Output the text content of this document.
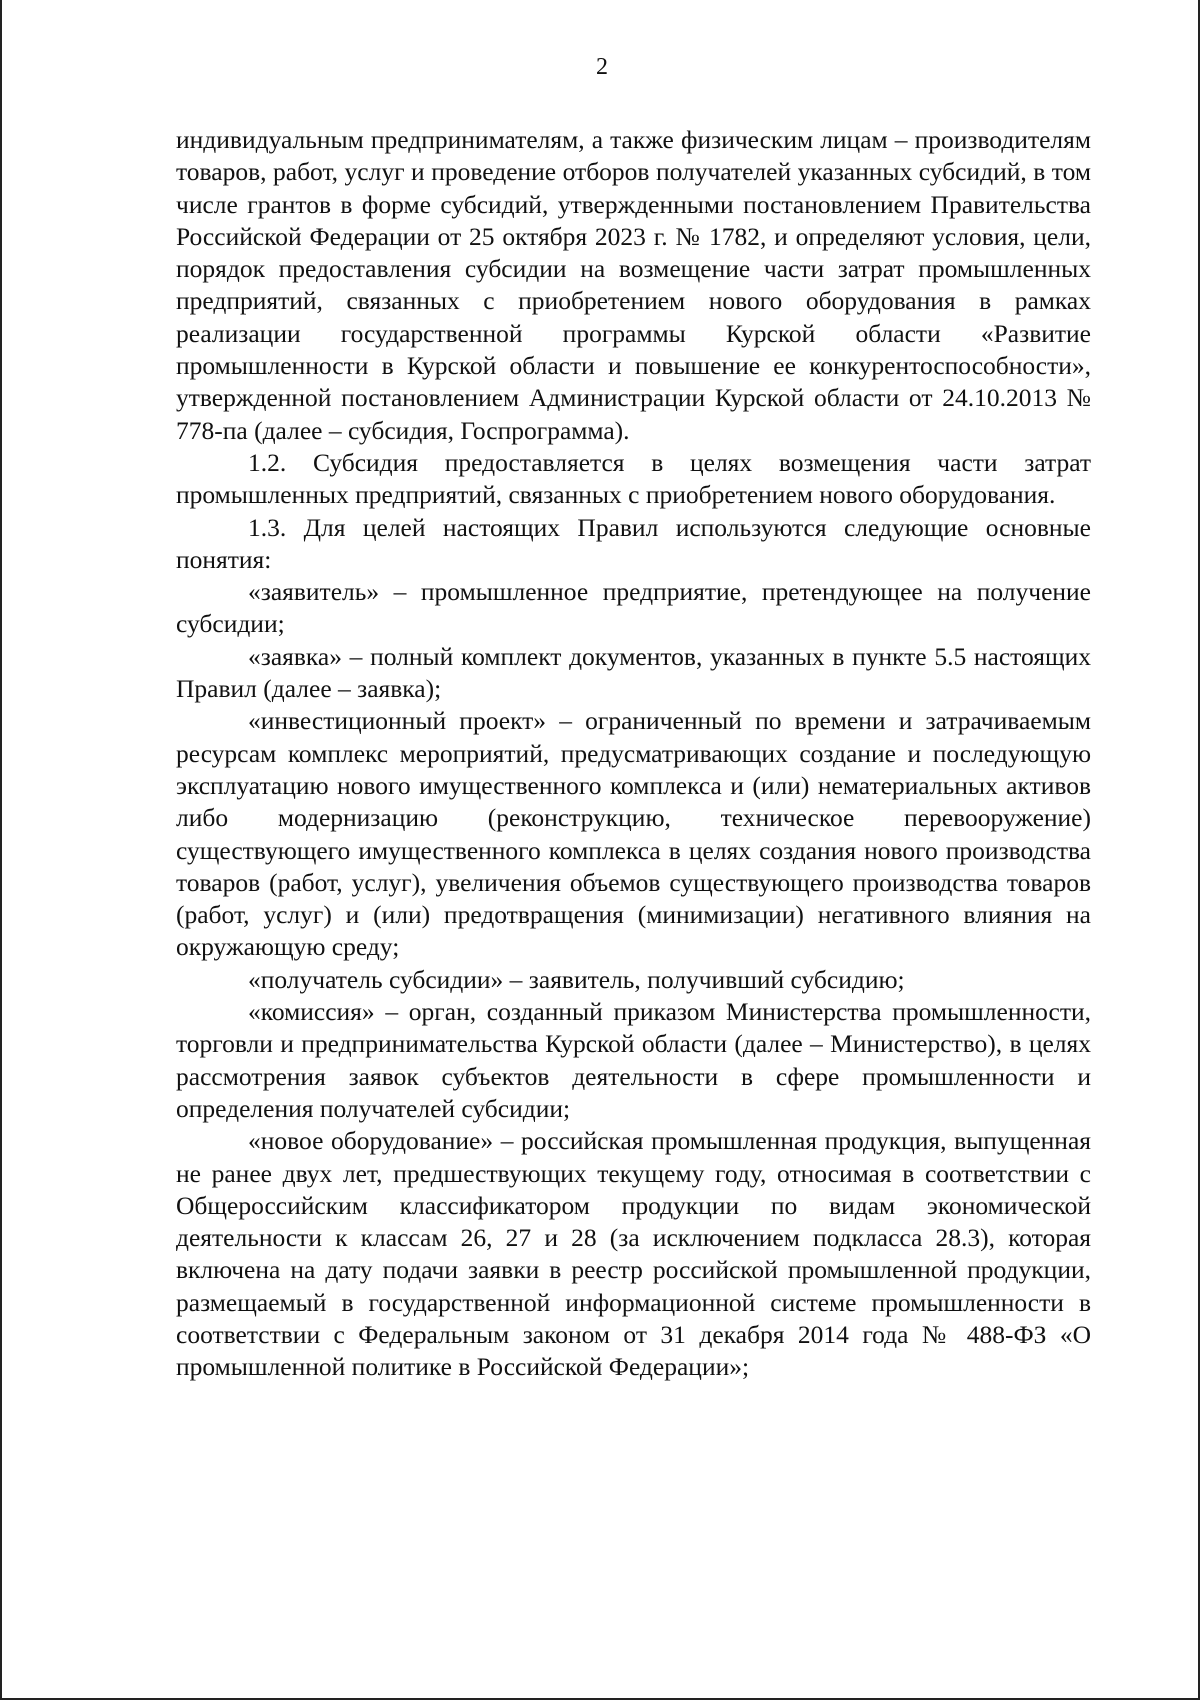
2

индивидуальным предпринимателям, а также физическим лицам – производителям товаров, работ, услуг и проведение отборов получателей указанных субсидий, в том числе грантов в форме субсидий, утвержденными постановлением Правительства Российской Федерации от 25 октября 2023 г. № 1782, и определяют условия, цели, порядок предоставления субсидии на возмещение части затрат промышленных предприятий, связанных с приобретением нового оборудования в рамках реализации государственной программы Курской области «Развитие промышленности в Курской области и повышение ее конкурентоспособности», утвержденной постановлением Администрации Курской области от 24.10.2013 № 778-па (далее – субсидия, Госпрограмма).

1.2. Субсидия предоставляется в целях возмещения части затрат промышленных предприятий, связанных с приобретением нового оборудования.

1.3. Для целей настоящих Правил используются следующие основные понятия:

«заявитель» – промышленное предприятие, претендующее на получение субсидии;

«заявка» – полный комплект документов, указанных в пункте 5.5 настоящих Правил (далее – заявка);

«инвестиционный проект» – ограниченный по времени и затрачиваемым ресурсам комплекс мероприятий, предусматривающих создание и последующую эксплуатацию нового имущественного комплекса и (или) нематериальных активов либо модернизацию (реконструкцию, техническое перевооружение) существующего имущественного комплекса в целях создания нового производства товаров (работ, услуг), увеличения объемов существующего производства товаров (работ, услуг) и (или) предотвращения (минимизации) негативного влияния на окружающую среду;

«получатель субсидии» – заявитель, получивший субсидию;

«комиссия» – орган, созданный приказом Министерства промышленности, торговли и предпринимательства Курской области (далее – Министерство), в целях рассмотрения заявок субъектов деятельности в сфере промышленности и определения получателей субсидии;

«новое оборудование» – российская промышленная продукция, выпущенная не ранее двух лет, предшествующих текущему году, относимая в соответствии с Общероссийским классификатором продукции по видам экономической деятельности к классам 26, 27 и 28 (за исключением подкласса 28.3), которая включена на дату подачи заявки в реестр российской промышленной продукции, размещаемый в государственной информационной системе промышленности в соответствии с Федеральным законом от 31 декабря 2014 года № 488-ФЗ «О промышленной политике в Российской Федерации»;
